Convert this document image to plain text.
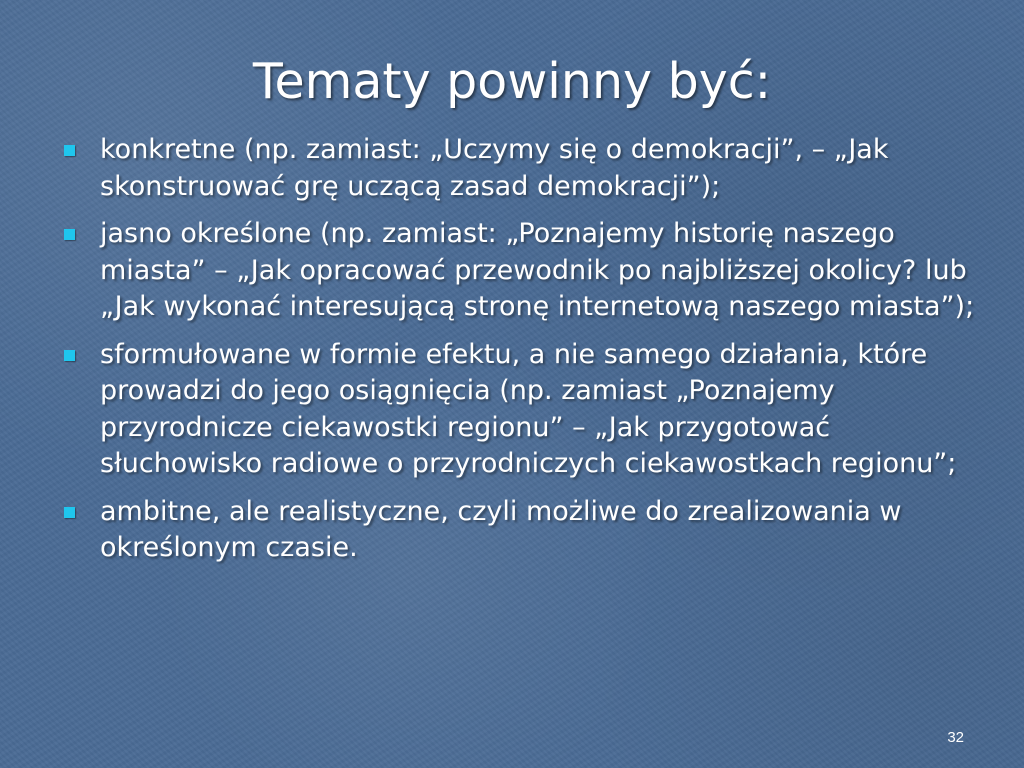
Tematy powinny być:
konkretne (np. zamiast: „Uczymy się o demokracji”, – „Jak skonstruować grę uczącą zasad demokracji”);
jasno określone (np. zamiast: „Poznajemy historię naszego miasta” – „Jak opracować przewodnik po najbliższej okolicy? lub „Jak wykonać interesującą stronę internetową naszego miasta”);
sformułowane w formie efektu, a nie samego działania, które prowadzi do jego osiągnięcia (np. zamiast „Poznajemy przyrodnicze ciekawostki regionu” – „Jak przygotować słuchowisko radiowe o przyrodniczych ciekawostkach regionu”;
ambitne, ale realistyczne, czyli możliwe do zrealizowania w określonym czasie.
32
